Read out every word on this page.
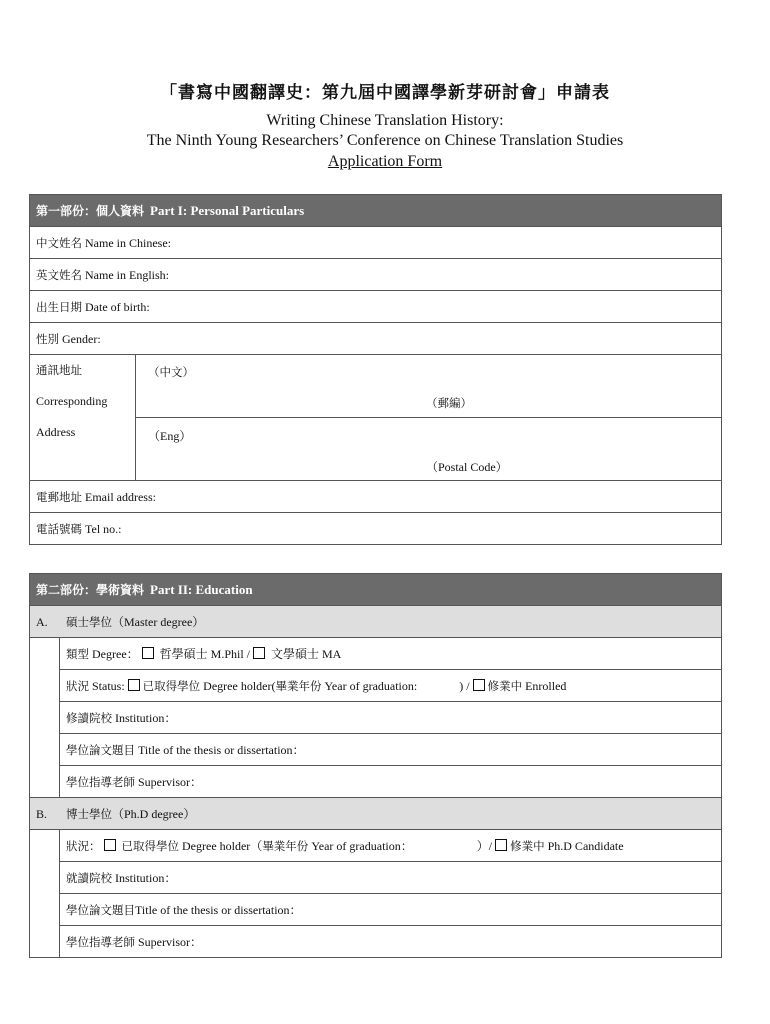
「書寫中國翻譯史：第九屆中國譯學新芽研討會」申請表
Writing Chinese Translation History:
The Ninth Young Researchers’ Conference on Chinese Translation Studies
Application Form
第一部份：個人資料 Part I: Personal Particulars
中文姓名 Name in Chinese:
英文姓名 Name in English:
出生日期 Date of birth:
性別 Gender:

通訊地址
Corresponding
Address

（中文）
（郵編）

（Eng）
（Postal Code）

電郵地址 Email address:
電話號碼 Tel no.:
第二部份：學術資料 Part II: Education	
A. 碩士學位（Master degree）	
	類型 Degree： 哲學碩士 M.Phil / 文學碩士 MA
	狀況 Status: 已取得學位 Degree holder(畢業年份 Year of graduation: ) / 修業中 Enrolled
	修讀院校 Institution：
	學位論文題目 Title of the thesis or dissertation：
	學位指導老師 Supervisor：
B. 博士學位（Ph.D degree）	
	狀況： 已取得學位 Degree holder（畢業年份 Year of graduation： ）/ 修業中 Ph.D Candidate
	就讀院校 Institution：
	學位論文題目Title of the thesis or dissertation：
	學位指導老師 Supervisor：
